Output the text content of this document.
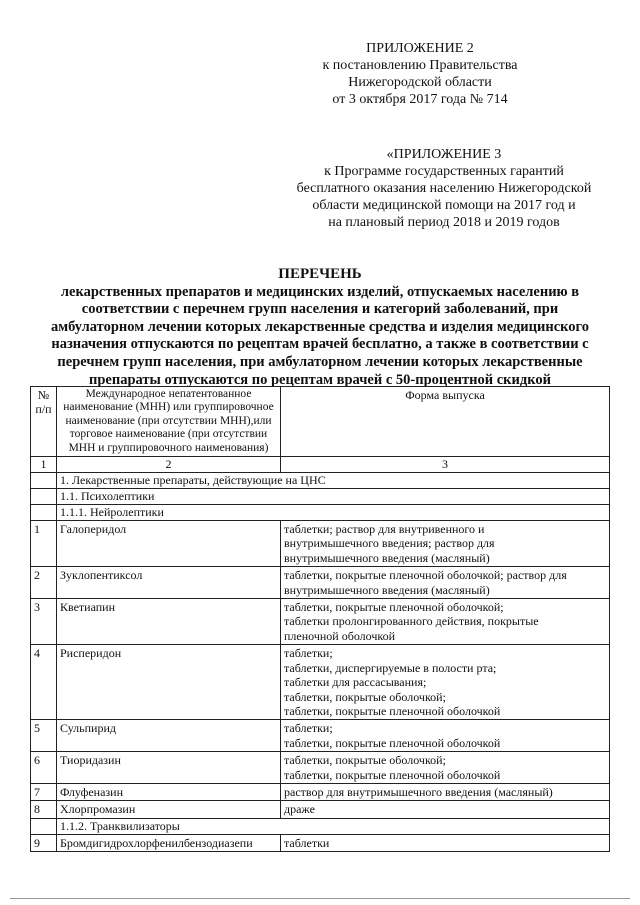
ПРИЛОЖЕНИЕ 2
к постановлению Правительства
Нижегородской области
от 3 октября 2017 года № 714
«ПРИЛОЖЕНИЕ 3
к Программе государственных гарантий
бесплатного оказания населению Нижегородской
области медицинской помощи на 2017 год и
на плановый период 2018 и 2019 годов
ПЕРЕЧЕНЬ
лекарственных препаратов и медицинских изделий, отпускаемых населению в
соответствии с перечнем групп населения и категорий заболеваний, при
амбулаторном лечении которых лекарственные средства и изделия медицинского
назначения отпускаются по рецептам врачей бесплатно, а также в соответствии с
перечнем групп населения, при амбулаторном лечении которых лекарственные
препараты отпускаются по рецептам врачей с 50-процентной скидкой
№ п/п	Международное непатентованное наименование (МНН) или группировочное наименование (при отсутствии МНН),или торговое наименование (при отсутствии МНН и группировочного наименования)	Форма выпуска
1	2	3
	1. Лекарственные препараты, действующие на ЦНС	
	1.1. Психолептики	
	1.1.1. Нейролептики	
1	Галоперидол	таблетки; раствор для внутривенного и
внутримышечного введения; раствор для
внутримышечного введения (масляный)

2	Зуклопентиксол	таблетки, покрытые пленочной оболочкой; раствор для
внутримышечного введения (масляный)

3	Кветиапин	таблетки, покрытые пленочной оболочкой;
таблетки пролонгированного действия, покрытые
пленочной оболочкой

4	Рисперидон	таблетки;
таблетки, диспергируемые в полости рта;
таблетки для рассасывания;
таблетки, покрытые оболочкой;
таблетки, покрытые пленочной оболочкой

5	Сульпирид	таблетки;
таблетки, покрытые пленочной оболочкой

6	Тиоридазин	таблетки, покрытые оболочкой;
таблетки, покрытые пленочной оболочкой

7	Флуфеназин	раствор для внутримышечного введения (масляный)

8	Хлорпромазин	драже

	1.1.2. Транквилизаторы	
9	Бромдигидрохлорфенилбензодиазепи	таблетки
